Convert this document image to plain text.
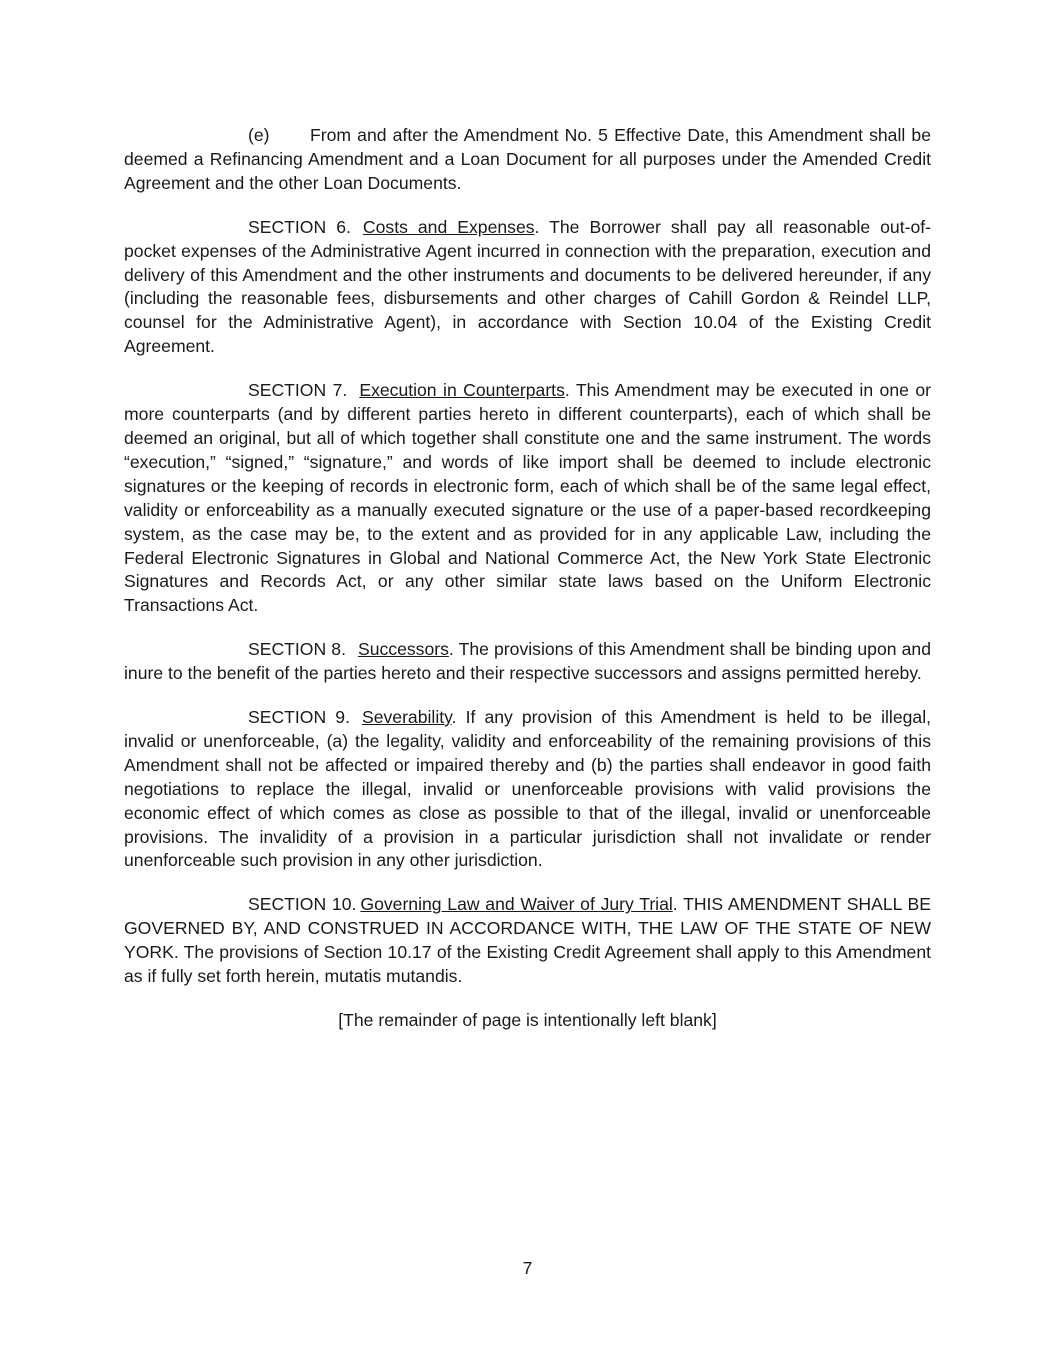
(e) From and after the Amendment No. 5 Effective Date, this Amendment shall be deemed a Refinancing Amendment and a Loan Document for all purposes under the Amended Credit Agreement and the other Loan Documents.

SECTION 6. Costs and Expenses. The Borrower shall pay all reasonable out-of-pocket expenses of the Administrative Agent incurred in connection with the preparation, execution and delivery of this Amendment and the other instruments and documents to be delivered hereunder, if any (including the reasonable fees, disbursements and other charges of Cahill Gordon & Reindel LLP, counsel for the Administrative Agent), in accordance with Section 10.04 of the Existing Credit Agreement.

SECTION 7. Execution in Counterparts. This Amendment may be executed in one or more counterparts (and by different parties hereto in different counterparts), each of which shall be deemed an original, but all of which together shall constitute one and the same instrument. The words “execution,” “signed,” “signature,” and words of like import shall be deemed to include electronic signatures or the keeping of records in electronic form, each of which shall be of the same legal effect, validity or enforceability as a manually executed signature or the use of a paper-based recordkeeping system, as the case may be, to the extent and as provided for in any applicable Law, including the Federal Electronic Signatures in Global and National Commerce Act, the New York State Electronic Signatures and Records Act, or any other similar state laws based on the Uniform Electronic Transactions Act.

SECTION 8. Successors. The provisions of this Amendment shall be binding upon and inure to the benefit of the parties hereto and their respective successors and assigns permitted hereby.

SECTION 9. Severability. If any provision of this Amendment is held to be illegal, invalid or unenforceable, (a) the legality, validity and enforceability of the remaining provisions of this Amendment shall not be affected or impaired thereby and (b) the parties shall endeavor in good faith negotiations to replace the illegal, invalid or unenforceable provisions with valid provisions the economic effect of which comes as close as possible to that of the illegal, invalid or unenforceable provisions. The invalidity of a provision in a particular jurisdiction shall not invalidate or render unenforceable such provision in any other jurisdiction.

SECTION 10. Governing Law and Waiver of Jury Trial. THIS AMENDMENT SHALL BE GOVERNED BY, AND CONSTRUED IN ACCORDANCE WITH, THE LAW OF THE STATE OF NEW YORK. The provisions of Section 10.17 of the Existing Credit Agreement shall apply to this Amendment as if fully set forth herein, mutatis mutandis.

[The remainder of page is intentionally left blank]

7
